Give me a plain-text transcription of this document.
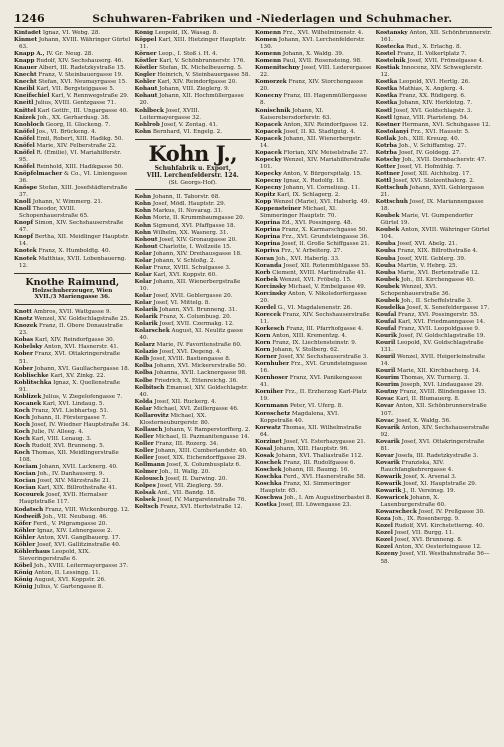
1246	Schuhwaren-Fabriken und -Niederlagen und Schuhmacher.

Kinfadet Ignaz, VI. Webg. 28.

Kinmet Johann, XVIII. Währinger Gürtel 63.

Knapp A., IV. Gr. Neug. 28.

Knapp Rudolf, XIV. Sechshauserg. 46.

Knauer Albert, III. Radetzkystraße 15.

Knecht Franz, V. Steinbauergasse 19.

Knecht Stefan, XVI. Neumayrgasse 15.

Kneibl Karl, VII. Bergsteiggasse 5.

Kneifschiel Karl, V. Rennwegstraße 29.

Kneitl Julius, XVIII. Gentzgasse 71.

Knittel Karl Gottfr., III. Ungargasse 40.

Knizek Joh., XX. Gerhardusg. 38.

Knobloch Georg, II. Glockeng. 7.

Knöfel Jos., VI. Brückeng. 4.

Knöfel Emil, Robert, XIII. Hadikg. 50.

Knöfel Marie, XIV. Felberstraße 22.

Knöfel R. (Emilie), VI. Mariahilferstr. 95.

Knöfel Reinhold, XIII. Hadikgasse 50.

Knöpfelmacher & Co., VI. Liniengasse 36.

Knöspe Stefan, XIII. Josefstädterstraße 37.

Knoll Johann, V. Wimmerg. 21.

Knoll Theodor, XVIII. Schopenhauerstraße 65.

Knopf Simon, XIV. Sechshauserstraße 47.

Knopf Bertha, XII. Meidlinger Hauptstr. 14.

Knotek Franz, X. Humboldtg. 40.

Knotek Matthias, XVII. Lobenhauerng. 12.

Knothe Raimund,
Holzschuherzeuger, Wien
XVII./3 Mariengasse 36.

Knott Ambros, XVII. Wattgasse 9.

Knotz Wenzel, XV. Goldschlagstraße 25.

Knozek Franz, II. Obere Donaustraße 23.

Kobas Karl, XIV. Reindorfgasse 30.

Kobelsky Anton, XVI. Hasnerstr. 41.

Kober Franz, XVI. Ottakringerstraße 51.

Kober Johann, XVI. Gaullachergasse 18.

Koblischke Karl, XV. Zinkg. 22.

Koblitschka Ignaz, X. Quellenstraße 91.

Koblizek Julius, V. Ziegelofengasse 7.

Kocanek Karl, XVI. Lindaug. 5.

Koch Franz, XVI. Liebhartsg. 51.

Koch Johann, II. Förstergasse 7.

Koch Josef, IV. Wiedner Hauptstraße 34.

Koch Julie, IV. Alleeg. 4.

Koch Karl, VIII. Lenaug. 3.

Koch Rudolf, XVI. Brunneng. 5.

Koch Thomas, XII. Meidlingerstraße 108.

Kociam Johann, XVII. Lacknerg. 40.

Kocian Joh., IV. Danhauserg. 9.

Kocian Josef, XIV. Märzstraße 21.

Kocian Karl, XIX. Billrothstraße 41.

Kocourek Josef, XVII. Hernalser Hauptstraße 117.

Kodatsch Franz, VIII. Wickenburgg. 12.

Kodweiß Joh., VII. Neubaug. 46.

Köfer Ferd., V. Pilgramgasse 20.

Köhler Ignaz, XIV. Lehnergasse 2.

Köhler Anton, XVI. Ganglbauerg. 17.

Köhler Josef, XVI. Gallitzinstraße 40.

Köhlerhaus Leopold, XIX. Sieveringerstraße 6.

Köbel Joh., XVIII. Leitermayergasse 37.

König Anton, II. Lessingg. 11.

König August, XVI. Koppstr. 26.

König Julius, V. Gartengasse 8.

König Leopold, IX. Wasag. 8.

Köppel Karl, XIII. Hietzinger Hauptstr. 11.

Körner Leop., I. Stoß i. H. 4.

Köstler Karl, V. Schönbrunnerstr. 176.

Köstler Stefan, IX. Michelbeuerng. 5.

Kogler Heinrich, V. Steinbauergasse 58.

Kohler Karl, XIV. Reindorfgasse 20.

Kohaut Johann, VIII. Zieglerg. 9.

Kohaut Johann, XII. Hochmüllergasse 20.

Kohlbeck Josef, XVIII. Leitermayergasse 32.

Kohlrob Josef, V. Zentag. 41.

Kohn Bernhard, VI. Engelg. 2.

Kohn J.,
Schuhfabrik u. Export,
VIII. Lerchenfelderstr. 124.
(St. Georgs-Hof).

Kohn Johann, II. Taborstr. 68.

Kohn Josef, Mödl. Hauptstr. 29.

Kohn Markus, II. Novarag. 31.

Kohn Moriz, II. Krummbaumgasse 20.

Kohn Sigmund, XVI. Pfaffgasse 18.

Kohn Wilhelm, XX. Wasnerg. 31.

Kohout Josef, XIV. Gronaugasse 20.

Kohout Charlotte, I. Wollzeile 15.

Kolar Johann, XIV. Dreihausgasse 18.

Kolar Johann, V. Schloßg. 2.

Kolar Franz, XVIII. Schulgasse 3.

Kolar Karl, XVI. Koppstr. 60.

Kolar Johann, XII. Wienerbergstraße 10.

Kolar Josef, XVII. Geblergasse 20.

Kolar Josef, VI. Mittelg. 8.

Kolarik Johann, XVI. Brunneng. 31.

Kolarik Franz, X. Columbusg. 20.

Kolarik Josef, XVII. Czermakg. 12.

Kolarschek August, XI. Neulitz gasse 40.

Kolarz Marie, IV. Favoritenstraße 60.

Kolazio Josef, XVI. Degeng. 4.

Kolb Josef, XVIII. Bastiengasse 8.

Kolba Johann, XVI. Mickererstraße 50.

Kolba Johanna, XVII. Lacknergasse 98.

Kolbe Friedrich, X. Ettenreichg. 36.

Kolbitsch Emanuel, XIV. Goldschlagstr. 40.

Kolda Josef, XII. Ruckerg. 4.

Kolar Michael, XVI. Zeillergasse 46.

Kollarovitz Michael, XX. Klosterneuburgerstr. 80.

Kollauch Johann, V. Ramperstorfferg. 2.

Koller Michael, II. Pazmanitengasse 14.

Koller Franz, III. Rozerg. 34.

Koller Johann, XIII. Cumberlandstr. 40.

Koller Josef, XIX. Eichendorffgasse 29.

Kollmann Josef, X. Columbusplatz 6.

Kolmer Joh., II. Wallg. 20.

Kolousch Josef, II. Darwing. 20.

Kolpes Josef, VII. Zieglerg. 59.

Kolsak Ant., VII. Bandg. 18.

Kolsek Josef, IV. Margaretenstraße 76.

Koltsch Franz, XVI. Herbststraße 12.

Komenn Frz., XVI. Wilhelminenstr. 4.

Komen Johann, XVI. Lerchenfelderstr. 130.

Komenn Johann, X. Waldg. 39.

Komenn Paul, XVII. Rosensteing. 98.

Komenitschny Josef, VIII. Lederergasse 22.

Komorzek Franz, XIV. Storchengasse 20.

Konecny Franz, III. Hagenmüllergasse 8.

Konischnik Johann, XI. Kaiserebersdorferstr. 63.

Kopacek Anton, XIV. Reindorfgasse 12.

Kopacek Josef, II. Kl. Stadtgutg. 4.

Kopacek Johann, XII. Wienerbergstr. 14.

Kopacek Florian, XIV. Meiselstraße 27.

Kopecky Wenzel, XIV. Mariahilferstraße 101.

Kopecky Anton, V. Bürgerspitalg. 15.

Kopecny Ignaz, X. Rudolfg. 18.

Kopecny Johann, VI. Corneliusg. 11.

Kopitz Karl, IX. Schlagerg. 2.

Kopp Wenzel (Marie), XVI. Haberlg. 49.

Koppensteiner Michael, XI. Simmeringer Hauptstr. 70.

Koprina Ed., XVI. Possingerg. 48.

Koprina Franz, X. Karmarschgasse 50.

Koprina Frz., XVI. Grundsteingasse 36.

Koprina Josef, II. Große Schiffgasse 21.

Kopriva Frz., V. Arbeiterg. 27.

Koran Joh., XVI. Haberlg. 33.

Koranda Josef, XII. Rotenmühlgasse 55.

Korb Clement, XVIII. Martinstraße 41.

Korbek Wenzel, XVI. Fröbelg. 15.

Korcinsky Michael, V. Embelgasse 49.

Korcinsky Anton, V. Nikolsdorfergasse 20.

Kordel G., VI. Magdalenenstr. 26.

Korecek Franz, XIV. Sechshauserstraße 11.

Korkesch Franz, III. Pfarrhofgasse 4.

Korn Anton, XIII. Krementzg. 4.

Korn Franz, IX. Liechtensteinstr. 9.

Korn Johann, V. Stolberg. 62.

Korner Josef, XV. Sechshauserstraße 3.

Kornhuber Frz., XVI. Grundsteingasse 16.

Kornhoser Franz, XVI. Panikengasse 41.

Korniher Frz., II. Erzherzog Karl-Platz 19.

Kornmann Peter, VI. Uferg. 8.

Koroschetz Magdalena, XVI. Koppstraße 40.

Korwatz Thomas, XII. Wilhelmstraße 64.

Korzinet Josef, VI. Esterhazygasse 21.

Kosal Johann, XIII. Hauptstr. 96.

Kosak Johann, XVI. Thaliastraße 112.

Koschek Franz, III. Rudolfgasse 6.

Koschek Johann, III. Baumg. 16.

Koschka Ferd., XVI. Hasnerstraße 58.

Koschka Franz, XI. Simmeringer Hauptstr. 65.

Koschwa Joh., I. Am Augustinerbastei 8.

Kostka Josef, III. Löwengasse 23.

Kostansky Anton, XII. Schönbrunnerstr. 161.

Kostecka Rud., X. Erlachg. 8.

Kostel Franz, II. Volkertplatz 7.

Kostelnik Josef, XVII. Frömelgasse 4.

Kostiak Innocenz, XIV. Schweglerstr. 12.

Kostka Leopold, XVI. Hertlg. 26.

Kostka Mathias, X. Anglerg. 4.

Kostka Franz, XX. Rüdigerg. 6.

Kostka Johann, XIV. Herklotzg. 7.

Kostl Josef, XVI. Goldschlagstr. 3.

Kostl Ignaz, VIII. Piaristeng. 54.

Kostner Hermann, XVI. Schuhgasse 12.

Kostolanyi Frz., XVI. Hausstr. 5.

Kotlak Joh., XIII. Kreuzg. 40.

Kotrba Joh., V. Schiffamtsg. 27.

Kotrba Josef, IV. Goldegg. 27.

Kotschy Joh., XVII. Dornbacherstr. 47.

Kotter Josef, VI. Hofmühlg. 7.

Kottner Josef, XII. Aichholzg. 17.

Kottl Josef, XVI. Stolzenthalerg. 2.

Kottschuh Johann, XVII. Geblergasse 21.

Kottschuh Josef, IX. Mariannengasse 18.

Koubek Marie, VI. Gumpendorfer Gürtel 19.

Koubek Anton, XVIII. Währinger Gürtel 104.

Kouba Josef, XVI. Abelg. 21.

Kouba Franz, XIX. Billrothstraße 4.

Kouba Josef, XVII. Geblerg. 39.

Kouba Martin, V. Hebrg. 25.

Kouba Marie, XVI. Bertenstraße 12.

Koubek Joh., III. Kirchengasse 40.

Koubek Wenzel, XVI. Schopenhauerstraße 36.

Koubek Joh., II. Scheffelstraße 3.

Koudelka Josef, X. Senefeldergasse 17.

Koufal Franz, XVI. Possingerstr. 55.

Koufal Karl, XVI. Friedmanngasse 14.

Koufal Franz, XVII. Leopoldgasse 9.

Kourik Josef, IV. Goldschlagstraße 19.

Kouril Leopold, XV. Goldschlagstraße 131.

Kouril Wenzel, XVII. Heigerleinstraße 14.

Kouril Marie, XII. Kirchbacherg. 14.

Kourim Thomas, XV. Turnerg. 3.

Kourim Joseph, XVI. Lindaugasse 29.

Koutny Franz, XVIII. Blindengasse 15.

Kovac Karl, II. Blumauerg. 8.

Kovar Anton, XII. Schönbrunnerstraße 107.

Kovac Josef, X. Waldg. 56.

Kovarik Anton, XIV. Sechshauserstraße 92.

Kovarik Josef, XVI. Ottakringerstraße 81.

Kovar Josefa, III. Radetzkystraße 3.

Kovarik Franziska, XIV. Rauchfangkehrergasse 4.

Kowarik Josef, X. Arsenal 3.

Kowarik Josef, XI. Hauptstraße 29.

Kowarik J., II. Vereinsg. 19.

Kowaricek Johann, X. Laxenburgerstraße 60.

Kowarscheck Josef, IV. Preßgasse 30.

Koza Joh., IX. Rosenbergg. 9.

Kozel Rudolf, XVI. Kirchstetterng. 40.

Kozel Josef, VII. Burgg. 11.

Kozel Josef, XVI. Brunneng. 8.

Kozel Anton, XV. Oesterleingasse 12.

Kozeny Josef, VII. Westbahnstraße 56—58.
